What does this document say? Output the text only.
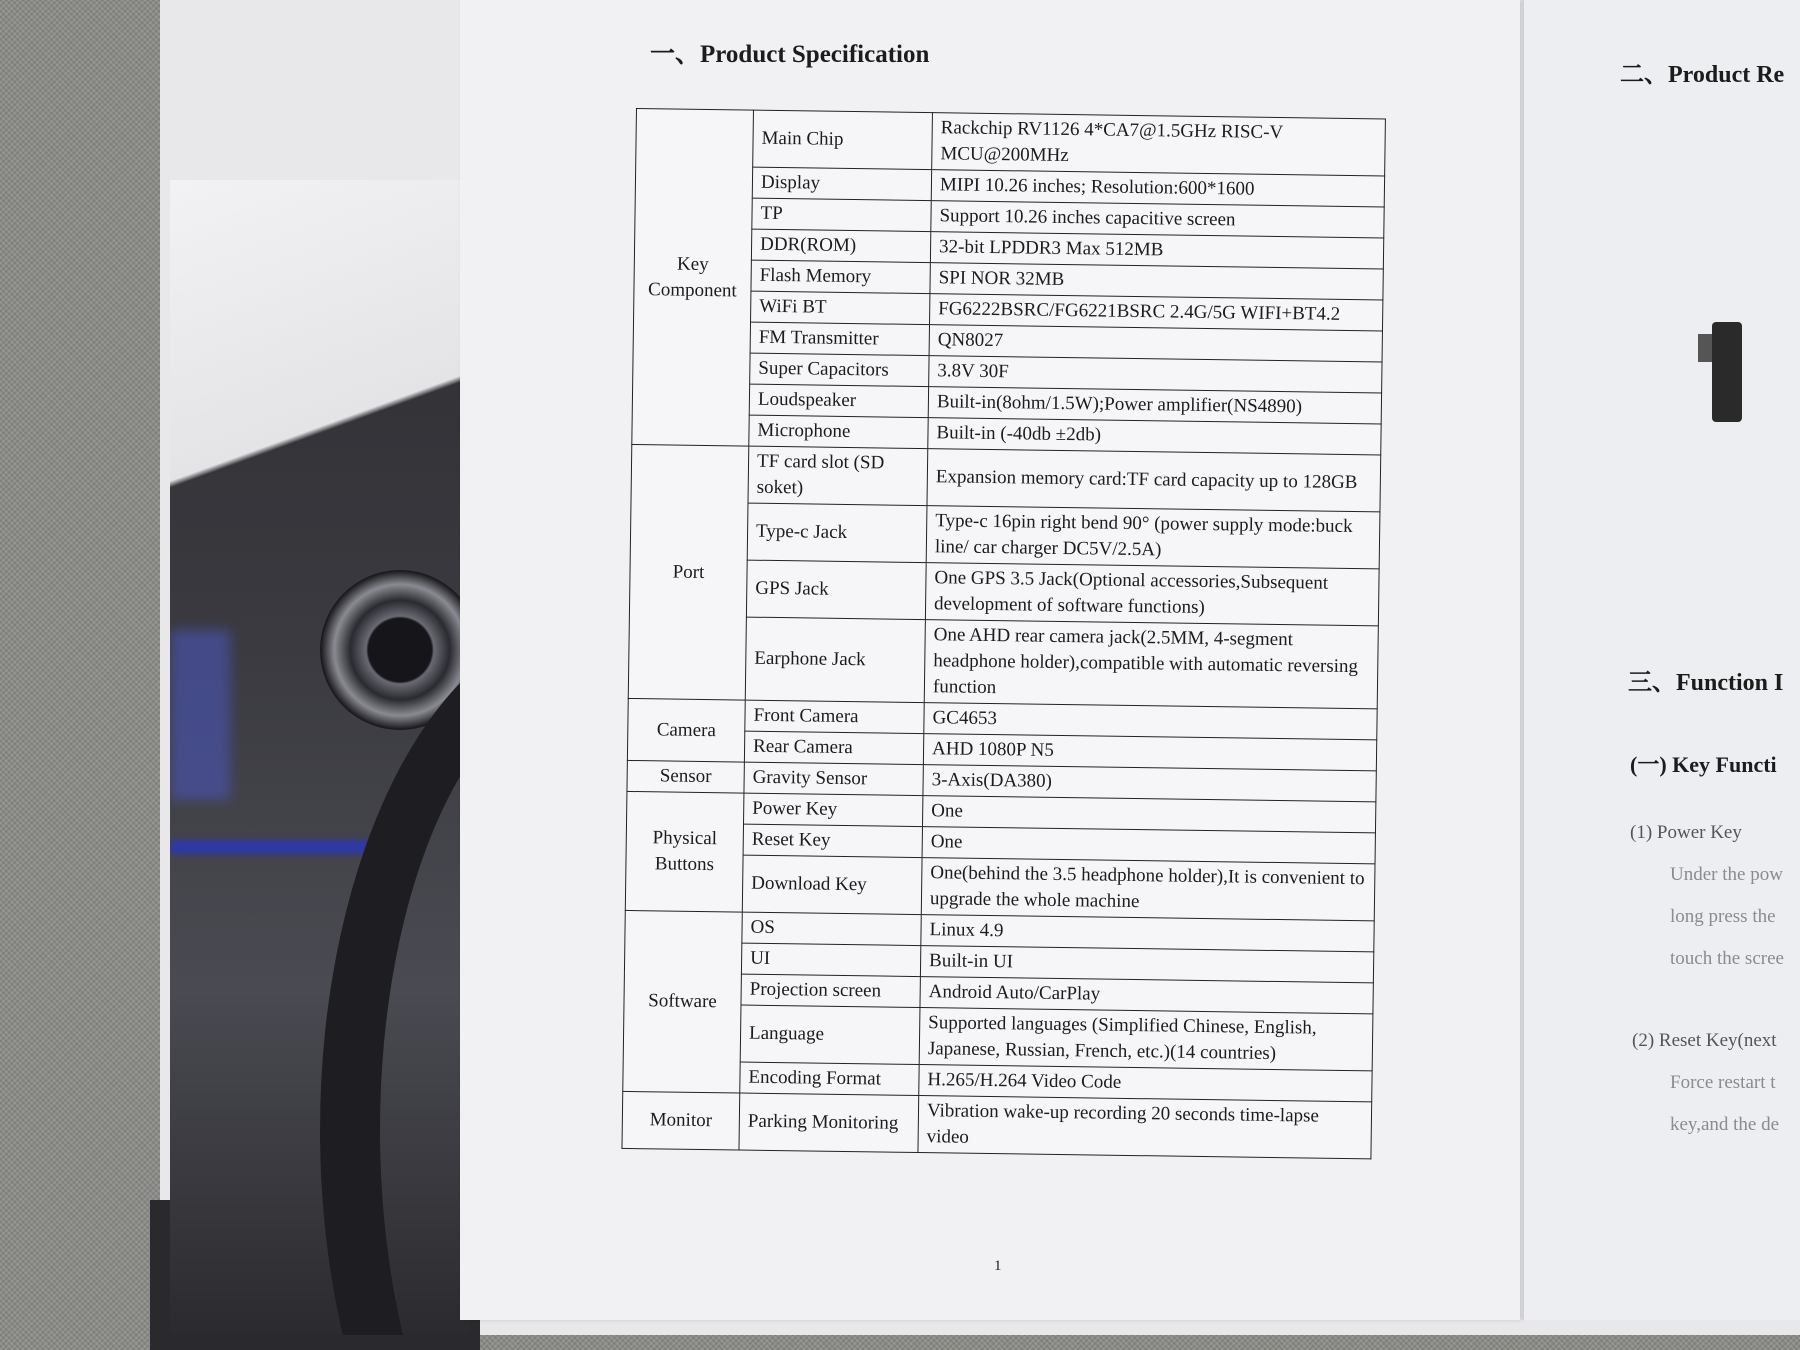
一、Product Specification
Key Component	Main Chip	Rackchip RV1126 4*CA7@1.5GHz RISC-V MCU@200MHz
	Display	MIPI 10.26 inches; Resolution:600*1600
	TP	Support 10.26 inches capacitive screen
	DDR(ROM)	32-bit LPDDR3 Max 512MB
	Flash Memory	SPI NOR 32MB
	WiFi BT	FG6222BSRC/FG6221BSRC 2.4G/5G WIFI+BT4.2
	FM Transmitter	QN8027
	Super Capacitors	3.8V 30F
	Loudspeaker	Built-in(8ohm/1.5W);Power amplifier(NS4890)
	Microphone	Built-in (-40db ±2db)
Port	TF card slot (SD soket)	Expansion memory card:TF card capacity up to 128GB
	Type-c Jack	Type-c 16pin right bend 90° (power supply mode:buck line/ car charger DC5V/2.5A)
	GPS Jack	One GPS 3.5 Jack(Optional accessories,Subsequent development of software functions)
	Earphone Jack	One AHD rear camera jack(2.5MM, 4-segment headphone holder),compatible with automatic reversing function
Camera	Front Camera	GC4653
	Rear Camera	AHD 1080P N5
Sensor	Gravity Sensor	3-Axis(DA380)
Physical Buttons	Power Key	One
	Reset Key	One
	Download Key	One(behind the 3.5 headphone holder),It is convenient to upgrade the whole machine
Software	OS	Linux 4.9
	UI	Built-in UI
	Projection screen	Android Auto/CarPlay
	Language	Supported languages (Simplified Chinese, English, Japanese, Russian, French, etc.)(14 countries)
	Encoding Format	H.265/H.264 Video Code
Monitor	Parking Monitoring	Vibration wake-up recording 20 seconds time-lapse video
1
二、Product Re
三、Function I
(一) Key Functi
(1) Power Key
Under the pow
long press the
touch the scree
(2) Reset Key(next
Force restart t
key,and the de
